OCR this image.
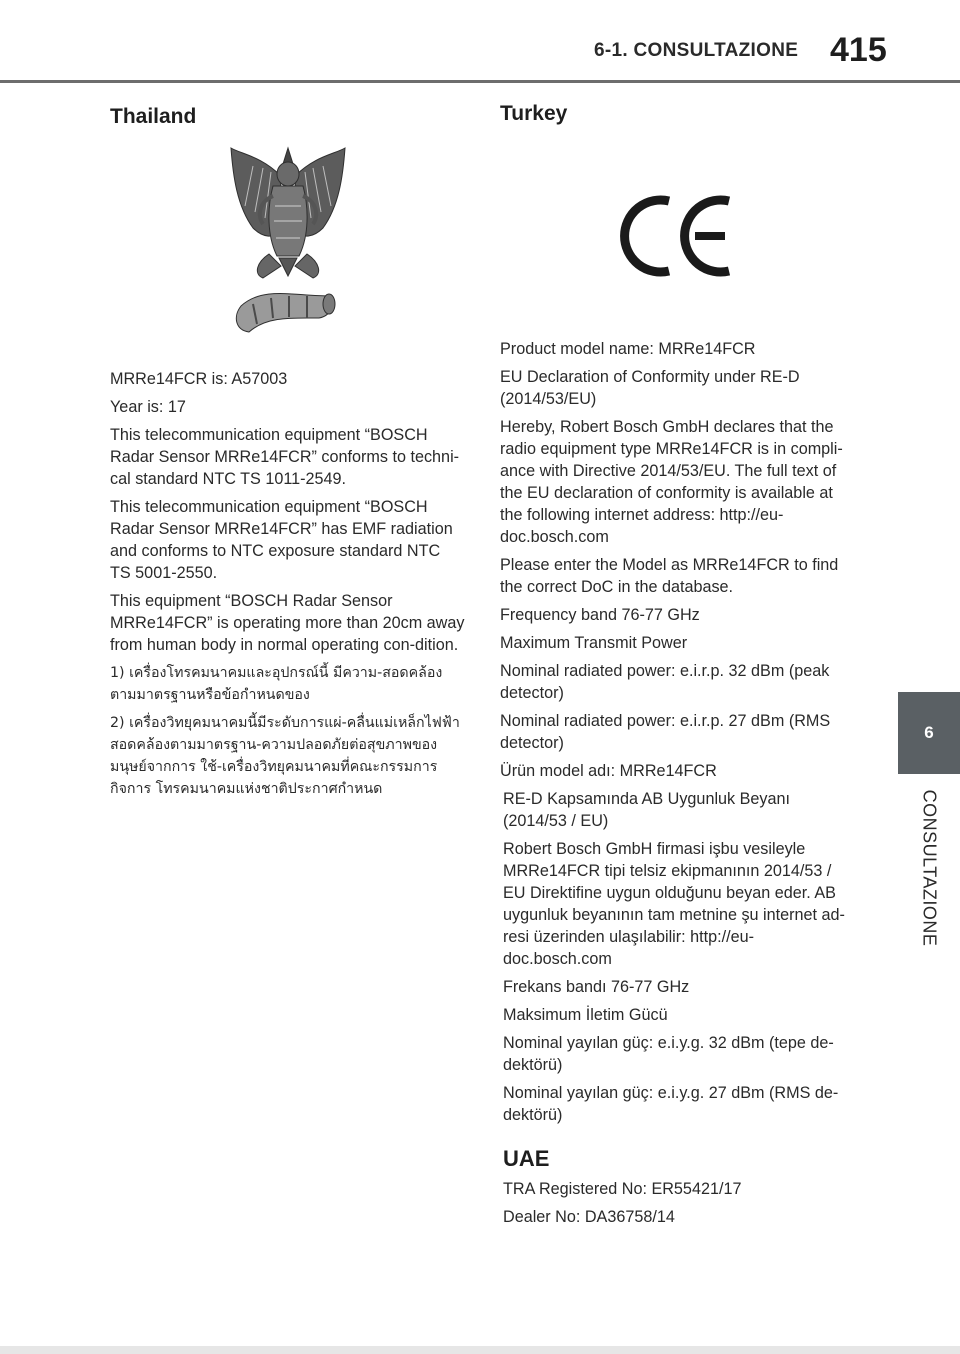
6-1. CONSULTAZIONE 415
6
CONSULTAZIONE
Thailand

MRRe14FCR is: A57003

Year is: 17

This telecommunication equipment “BOSCH Radar Sensor MRRe14FCR” conforms to techni-cal standard NTC TS 1011-2549.

This telecommunication equipment “BOSCH Radar Sensor MRRe14FCR” has EMF radiation and conforms to NTC exposure standard NTC TS 5001-2550.

This equipment “BOSCH Radar Sensor MRRe14FCR” is operating more than 20cm away from human body in normal operating con-dition.

1) เครื่องโทรคมนาคมและอุปกรณ์นี้ มีความ-สอดคล้องตามมาตรฐานหรือข้อกำหนดของ

2) เครื่องวิทยุคมนาคมนี้มีระดับการแผ่-คลื่นแม่เหล็กไฟฟ้าสอดคล้องตามมาตรฐาน-ความปลอดภัยต่อสุขภาพของมนุษย์จากการ ใช้-เครื่องวิทยุคมนาคมที่คณะกรรมการกิจการ โทรคมนาคมแห่งชาติประกาศกำหนด

Turkey

Product model name: MRRe14FCR

EU Declaration of Conformity under RE-D (2014/53/EU)

Hereby, Robert Bosch GmbH declares that the radio equipment type MRRe14FCR is in compli-ance with Directive 2014/53/EU. The full text of the EU declaration of conformity is available at the following internet address: http://eu-doc.bosch.com

Please enter the Model as MRRe14FCR to find the correct DoC in the database.

Frequency band 76-77 GHz

Maximum Transmit Power

Nominal radiated power: e.i.r.p. 32 dBm (peak detector)

Nominal radiated power: e.i.r.p. 27 dBm (RMS detector)

Ürün model adı: MRRe14FCR

RE-D Kapsamında AB Uygunluk Beyanı (2014/53 / EU)

Robert Bosch GmbH firmasi işbu vesileyle MRRe14FCR tipi telsiz ekipmanının 2014/53 / EU Direktifine uygun olduğunu beyan eder. AB uygunluk beyanının tam metnine şu internet ad-resi üzerinden ulaşılabilir: http://eu-doc.bosch.com

Frekans bandı 76-77 GHz

Maksimum İletim Gücü

Nominal yayılan güç: e.i.y.g. 32 dBm (tepe de-dektörü)

Nominal yayılan güç: e.i.y.g. 27 dBm (RMS de-dektörü)

UAE

TRA Registered No: ER55421/17

Dealer No: DA36758/14
